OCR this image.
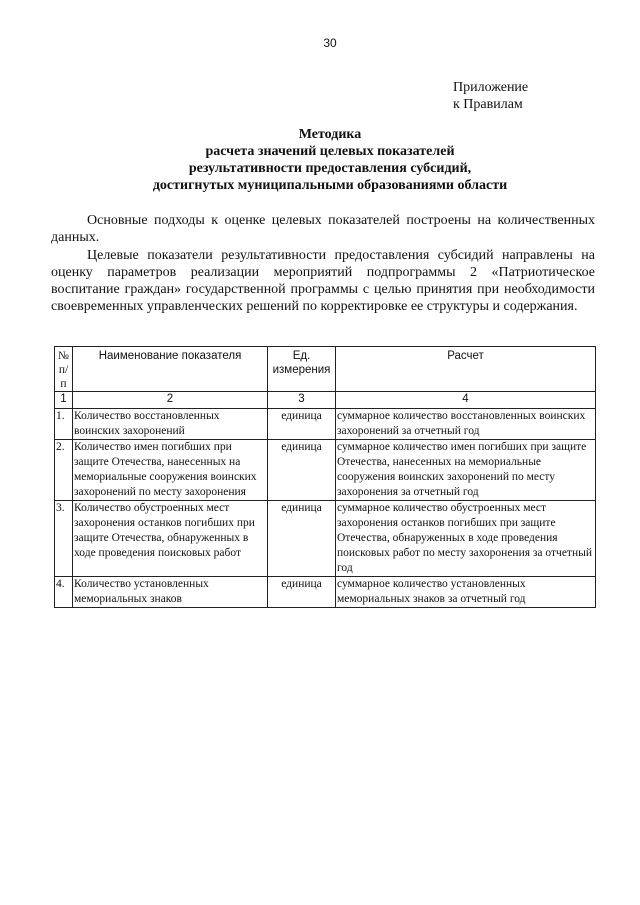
30
Приложение
к Правилам
Методика
расчета значений целевых показателей
результативности предоставления субсидий,
достигнутых муниципальными образованиями области
Основные подходы к оценке целевых показателей построены на количественных данных.
Целевые показатели результативности предоставления субсидий направлены на оценку параметров реализации мероприятий подпрограммы 2 «Патриотическое воспитание граждан» государственной программы с целью принятия при необходимости своевременных управленческих решений по корректировке ее структуры и содержания.
№ п/п	Наименование показателя	Ед. измерения	Расчет
1	2	3	4
1.	Количество восстановленных воинских захоронений	единица	суммарное количество восстановленных воинских захоронений за отчетный год
2.	Количество имен погибших при защите Отечества, нанесенных на мемориальные сооружения воинских захоронений по месту захоронения	единица	суммарное количество имен погибших при защите Отечества, нанесенных на мемориальные сооружения воинских захоронений по месту захоронения за отчетный год
3.	Количество обустроенных мест захоронения останков погибших при защите Отечества, обнаруженных в ходе проведения поисковых работ	единица	суммарное количество обустроенных мест захоронения останков погибших при защите Отечества, обнаруженных в ходе проведения поисковых работ по месту захоронения за отчетный год
4.	Количество установленных мемориальных знаков	единица	суммарное количество установленных мемориальных знаков за отчетный год
